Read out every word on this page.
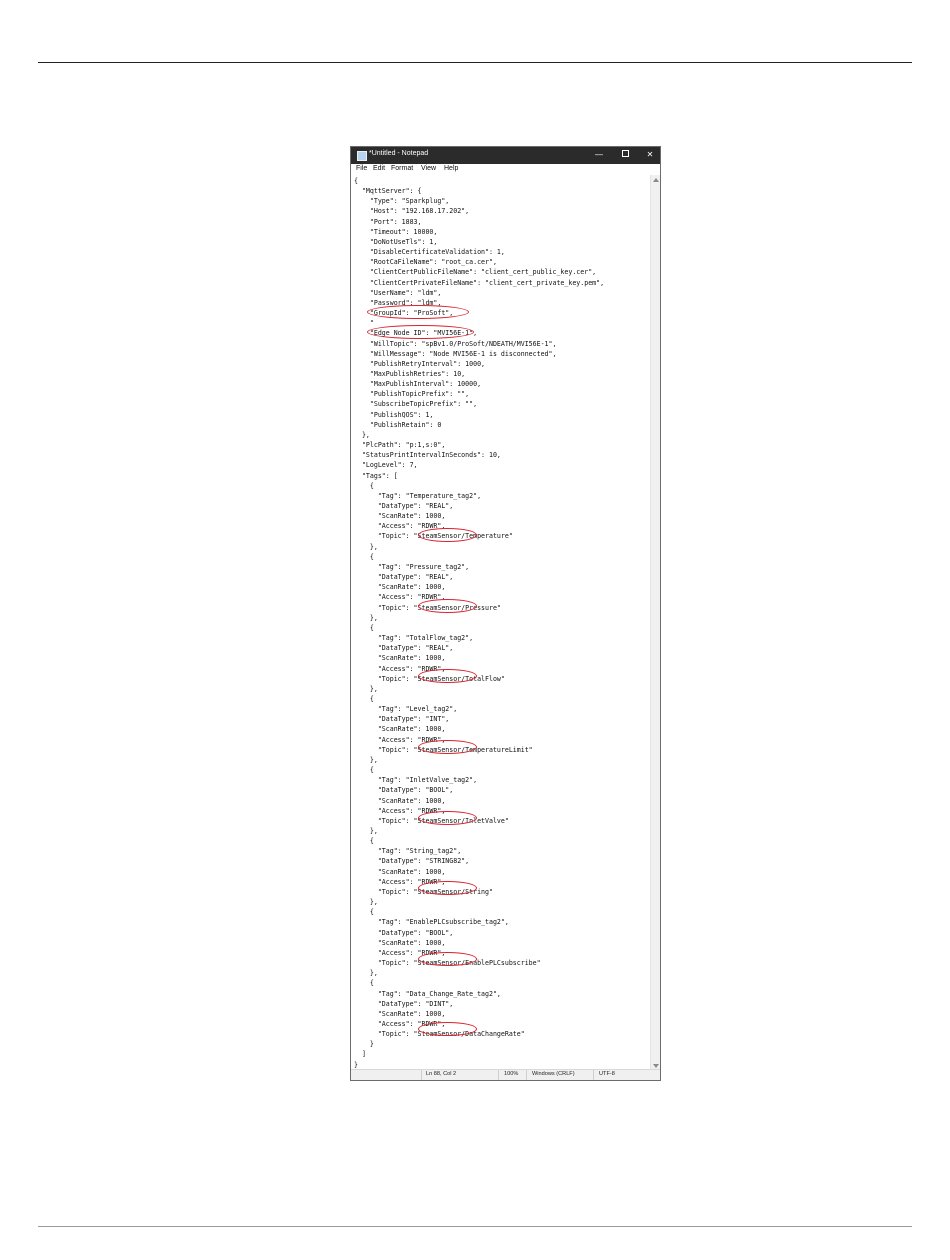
*Untitled - Notepad	—	✕
File Edit Format View Help
{
"MqttServer": {
"Type": "Sparkplug",
"Host": "192.168.17.202",
"Port": 1883,
"Timeout": 10000,
"DoNotUseTls": 1,
"DisableCertificateValidation": 1,
"RootCaFileName": "root_ca.cer",
"ClientCertPublicFileName": "client_cert_public_key.cer",
"ClientCertPrivateFileName": "client_cert_private_key.pem",
"UserName": "ldm",
"Password": "ldm",
"GroupId": "ProSoft",
"
"Edge Node ID": "MVI56E-1",
"WillTopic": "spBv1.0/ProSoft/NDEATH/MVI56E-1",
"WillMessage": "Node MVI56E-1 is disconnected",
"PublishRetryInterval": 1000,
"MaxPublishRetries": 10,
"MaxPublishInterval": 10000,
"PublishTopicPrefix": "",
"SubscribeTopicPrefix": "",
"PublishQOS": 1,
"PublishRetain": 0
},
"PlcPath": "p:1,s:0",
"StatusPrintIntervalInSeconds": 10,
"LogLevel": 7,
"Tags": [
{
"Tag": "Temperature_tag2",
"DataType": "REAL",
"ScanRate": 1000,
"Access": "RDWR",
"Topic": "SteamSensor/Temperature"
},
{
"Tag": "Pressure_tag2",
"DataType": "REAL",
"ScanRate": 1000,
"Access": "RDWR",
"Topic": "SteamSensor/Pressure"
},
{
"Tag": "TotalFlow_tag2",
"DataType": "REAL",
"ScanRate": 1000,
"Access": "RDWR",
"Topic": "SteamSensor/TotalFlow"
},
{
"Tag": "Level_tag2",
"DataType": "INT",
"ScanRate": 1000,
"Access": "RDWR",
"Topic": "SteamSensor/TemperatureLimit"
},
{
"Tag": "InletValve_tag2",
"DataType": "BOOL",
"ScanRate": 1000,
"Access": "RDWR",
"Topic": "SteamSensor/InletValve"
},
{
"Tag": "String_tag2",
"DataType": "STRING82",
"ScanRate": 1000,
"Access": "RDWR",
"Topic": "SteamSensor/String"
},
{
"Tag": "EnablePLCsubscribe_tag2",
"DataType": "BOOL",
"ScanRate": 1000,
"Access": "RDWR",
"Topic": "SteamSensor/EnablePLCsubscribe"
},
{
"Tag": "Data_Change_Rate_tag2",
"DataType": "DINT",
"ScanRate": 1000,
"Access": "RDWR",
"Topic": "SteamSensor/DataChangeRate"
}
]
}
Ln 88, Col 2	100% Windows (CRLF)	UTF-8
